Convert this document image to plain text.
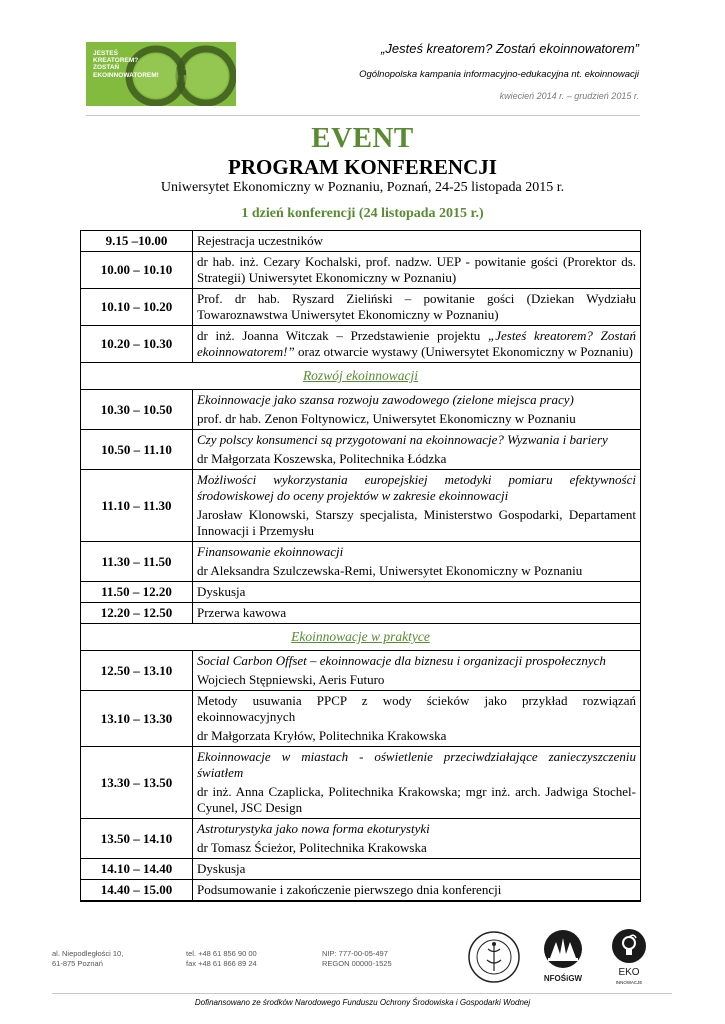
JESTEŚ
KREATOREM?
ZOSTAŃ
EKOINNOWATOREM!
„Jesteś kreatorem? Zostań ekoinnowatorem”
Ogólnopolska kampania informacyjno-edukacyjna nt. ekoinnowacji
kwiecień 2014 r. – grudzień 2015 r.
EVENT
PROGRAM KONFERENCJI
Uniwersytet Ekonomiczny w Poznaniu, Poznań, 24-25 listopada 2015 r.
1 dzień konferencji (24 listopada 2015 r.)
9.15 –10.00	Rejestracja uczestników
10.00 – 10.10	dr hab. inż. Cezary Kochalski, prof. nadzw. UEP - powitanie gości (Prorektor ds. Strategii) Uniwersytet Ekonomiczny w Poznaniu)
10.10 – 10.20	Prof. dr hab. Ryszard Zieliński – powitanie gości (Dziekan Wydziału Towaroznawstwa Uniwersytet Ekonomiczny w Poznaniu)
10.20 – 10.30	dr inż. Joanna Witczak – Przedstawienie projektu „Jesteś kreatorem? Zostań ekoinnowatorem!” oraz otwarcie wystawy (Uniwersytet Ekonomiczny w Poznaniu)
Rozwój ekoinnowacji	
10.30 – 10.50	Ekoinnowacje jako szansa rozwoju zawodowego (zielone miejsca pracy)
prof. dr hab. Zenon Foltynowicz, Uniwersytet Ekonomiczny w Poznaniu

10.50 – 11.10	Czy polscy konsumenci są przygotowani na ekoinnowacje? Wyzwania i bariery
dr Małgorzata Koszewska, Politechnika Łódzka

11.10 – 11.30	Możliwości wykorzystania europejskiej metodyki pomiaru efektywności środowiskowej do oceny projektów w zakresie ekoinnowacji
Jarosław Klonowski, Starszy specjalista, Ministerstwo Gospodarki, Departament Innowacji i Przemysłu

11.30 – 11.50	Finansowanie ekoinnowacji
dr Aleksandra Szulczewska-Remi, Uniwersytet Ekonomiczny w Poznaniu

11.50 – 12.20	Dyskusja
12.20 – 12.50	Przerwa kawowa
Ekoinnowacje w praktyce	
12.50 – 13.10	Social Carbon Offset – ekoinnowacje dla biznesu i organizacji prospołecznych
Wojciech Stępniewski, Aeris Futuro

13.10 – 13.30	Metody usuwania PPCP z wody ścieków jako przykład rozwiązań ekoinnowacyjnych
dr Małgorzata Kryłów, Politechnika Krakowska

13.30 – 13.50	Ekoinnowacje w miastach - oświetlenie przeciwdziałające zanieczyszczeniu światłem
dr inż. Anna Czaplicka, Politechnika Krakowska; mgr inż. arch. Jadwiga Stochel-Cyunel, JSC Design

13.50 – 14.10	Astroturystyka jako nowa forma ekoturystyki
dr Tomasz Ścieżor, Politechnika Krakowska

14.10 – 14.40	Dyskusja
14.40 – 15.00	Podsumowanie i zakończenie pierwszego dnia konferencji
al. Niepodległości 10,
61-875 Poznań
tel. +48 61 856 90 00
fax +48 61 866 89 24
NIP: 777-00-05-497
REGON 00000-1525
NFOŚiGW
EKO
INNOWACJE
Dofinansowano ze środków Narodowego Funduszu Ochrony Środowiska i Gospodarki Wodnej
